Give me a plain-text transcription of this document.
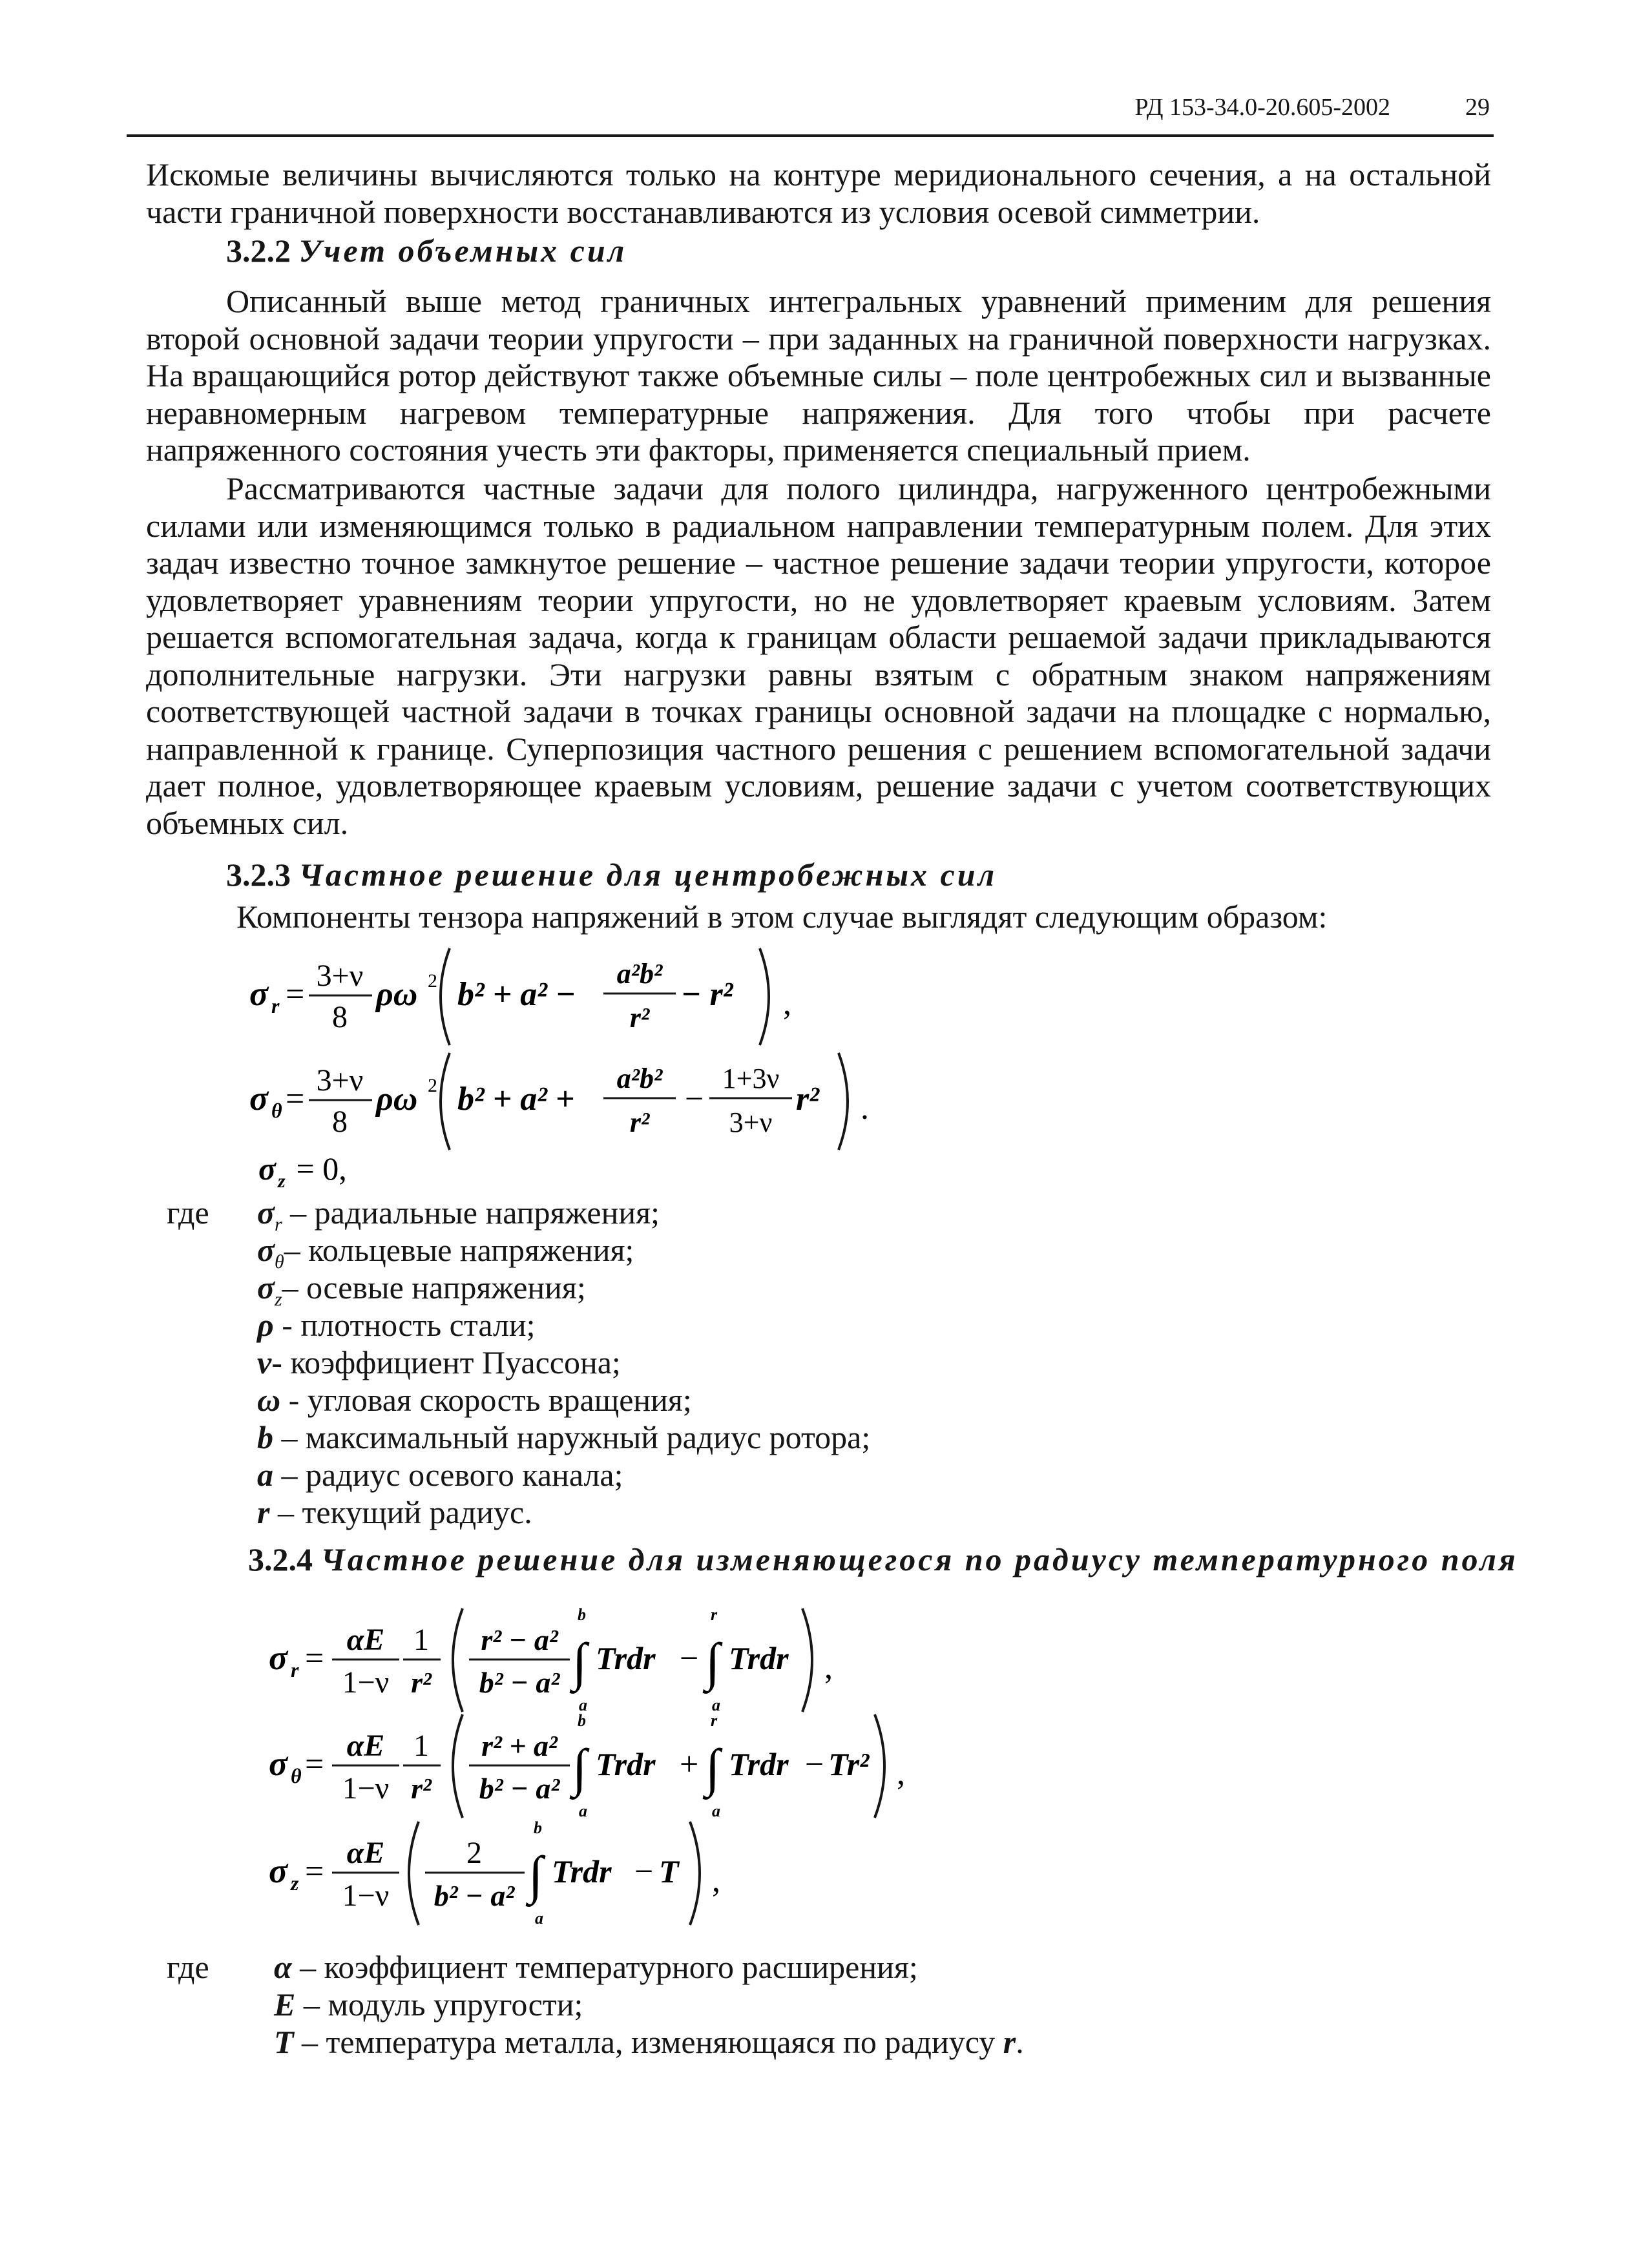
РД 153-34.0-20.605-2002	29

Искомые величины вычисляются только на контуре меридионального сечения, а на остальной части граничной поверхности восстанавливаются из условия осевой симметрии.

3.2.2 Учет объемных сил

Описанный выше метод граничных интегральных уравнений применим для решения второй основной задачи теории упругости – при заданных на граничной поверхности нагрузках. На вращающийся ротор действуют также объемные силы – поле центробежных сил и вызванные неравномерным нагревом температурные напряжения. Для того чтобы при расчете напряженного состояния учесть эти факторы, применяется специальный прием.

Рассматриваются частные задачи для полого цилиндра, нагруженного центробежными силами или изменяющимся только в радиальном направлении температурным полем. Для этих задач известно точное замкнутое решение – частное решение задачи теории упругости, которое удовлетворяет уравнениям теории упругости, но не удовлетворяет краевым условиям. Затем решается вспомогательная задача, когда к границам области решаемой задачи прикладываются дополнительные нагрузки. Эти нагрузки равны взятым с обратным знаком напряжениям соответствующей частной задачи в точках границы основной задачи на площадке с нормалью, направленной к границе. Суперпозиция частного решения с решением вспомогательной задачи дает полное, удовлетворяющее краевым условиям, решение задачи с учетом соответствующих объемных сил.

3.2.3 Частное решение для центробежных сил
Компоненты тензора напряжений в этом случае выглядят следующим образом:
σ r =
3+ν
8
ρω 2 b² + a² −
a²b²
r²
− r² ,
σ θ =
3+ν
8
ρω 2 b² + a² +
a²b²
r²
−
1+3ν
3+ν
r² .
σ z = 0,
где $\sigma_r$ – радиальные напряжения;
$\sigma_\theta-$ кольцевые напряжения;
$\sigma_z-$ осевые напряжения;
ρ - плотность стали;
ν- коэффициент Пуассона;
ω - угловая скорость вращения;
b – максимальный наружный радиус ротора;
a – радиус осевого канала;
r – текущий радиус.
3.2.4 Частное решение для изменяющегося по радиусу температурного поля
σ r =
αE
1−ν
1
r²
r² − a²
b² − a²
b
∫
a
Trdr −
r
∫
a
Trdr ,
σ θ =
αE
1−ν
1
r²
r² + a²
b² − a²
b
∫
a
Trdr +
r
∫
a
Trdr − Tr² ,
σ z =
αE
1−ν
2
b² − a²
b
∫
a
Trdr − T ,
где α – коэффициент температурного расширения;
E – модуль упругости;
T – температура металла, изменяющаяся по радиусу r.
